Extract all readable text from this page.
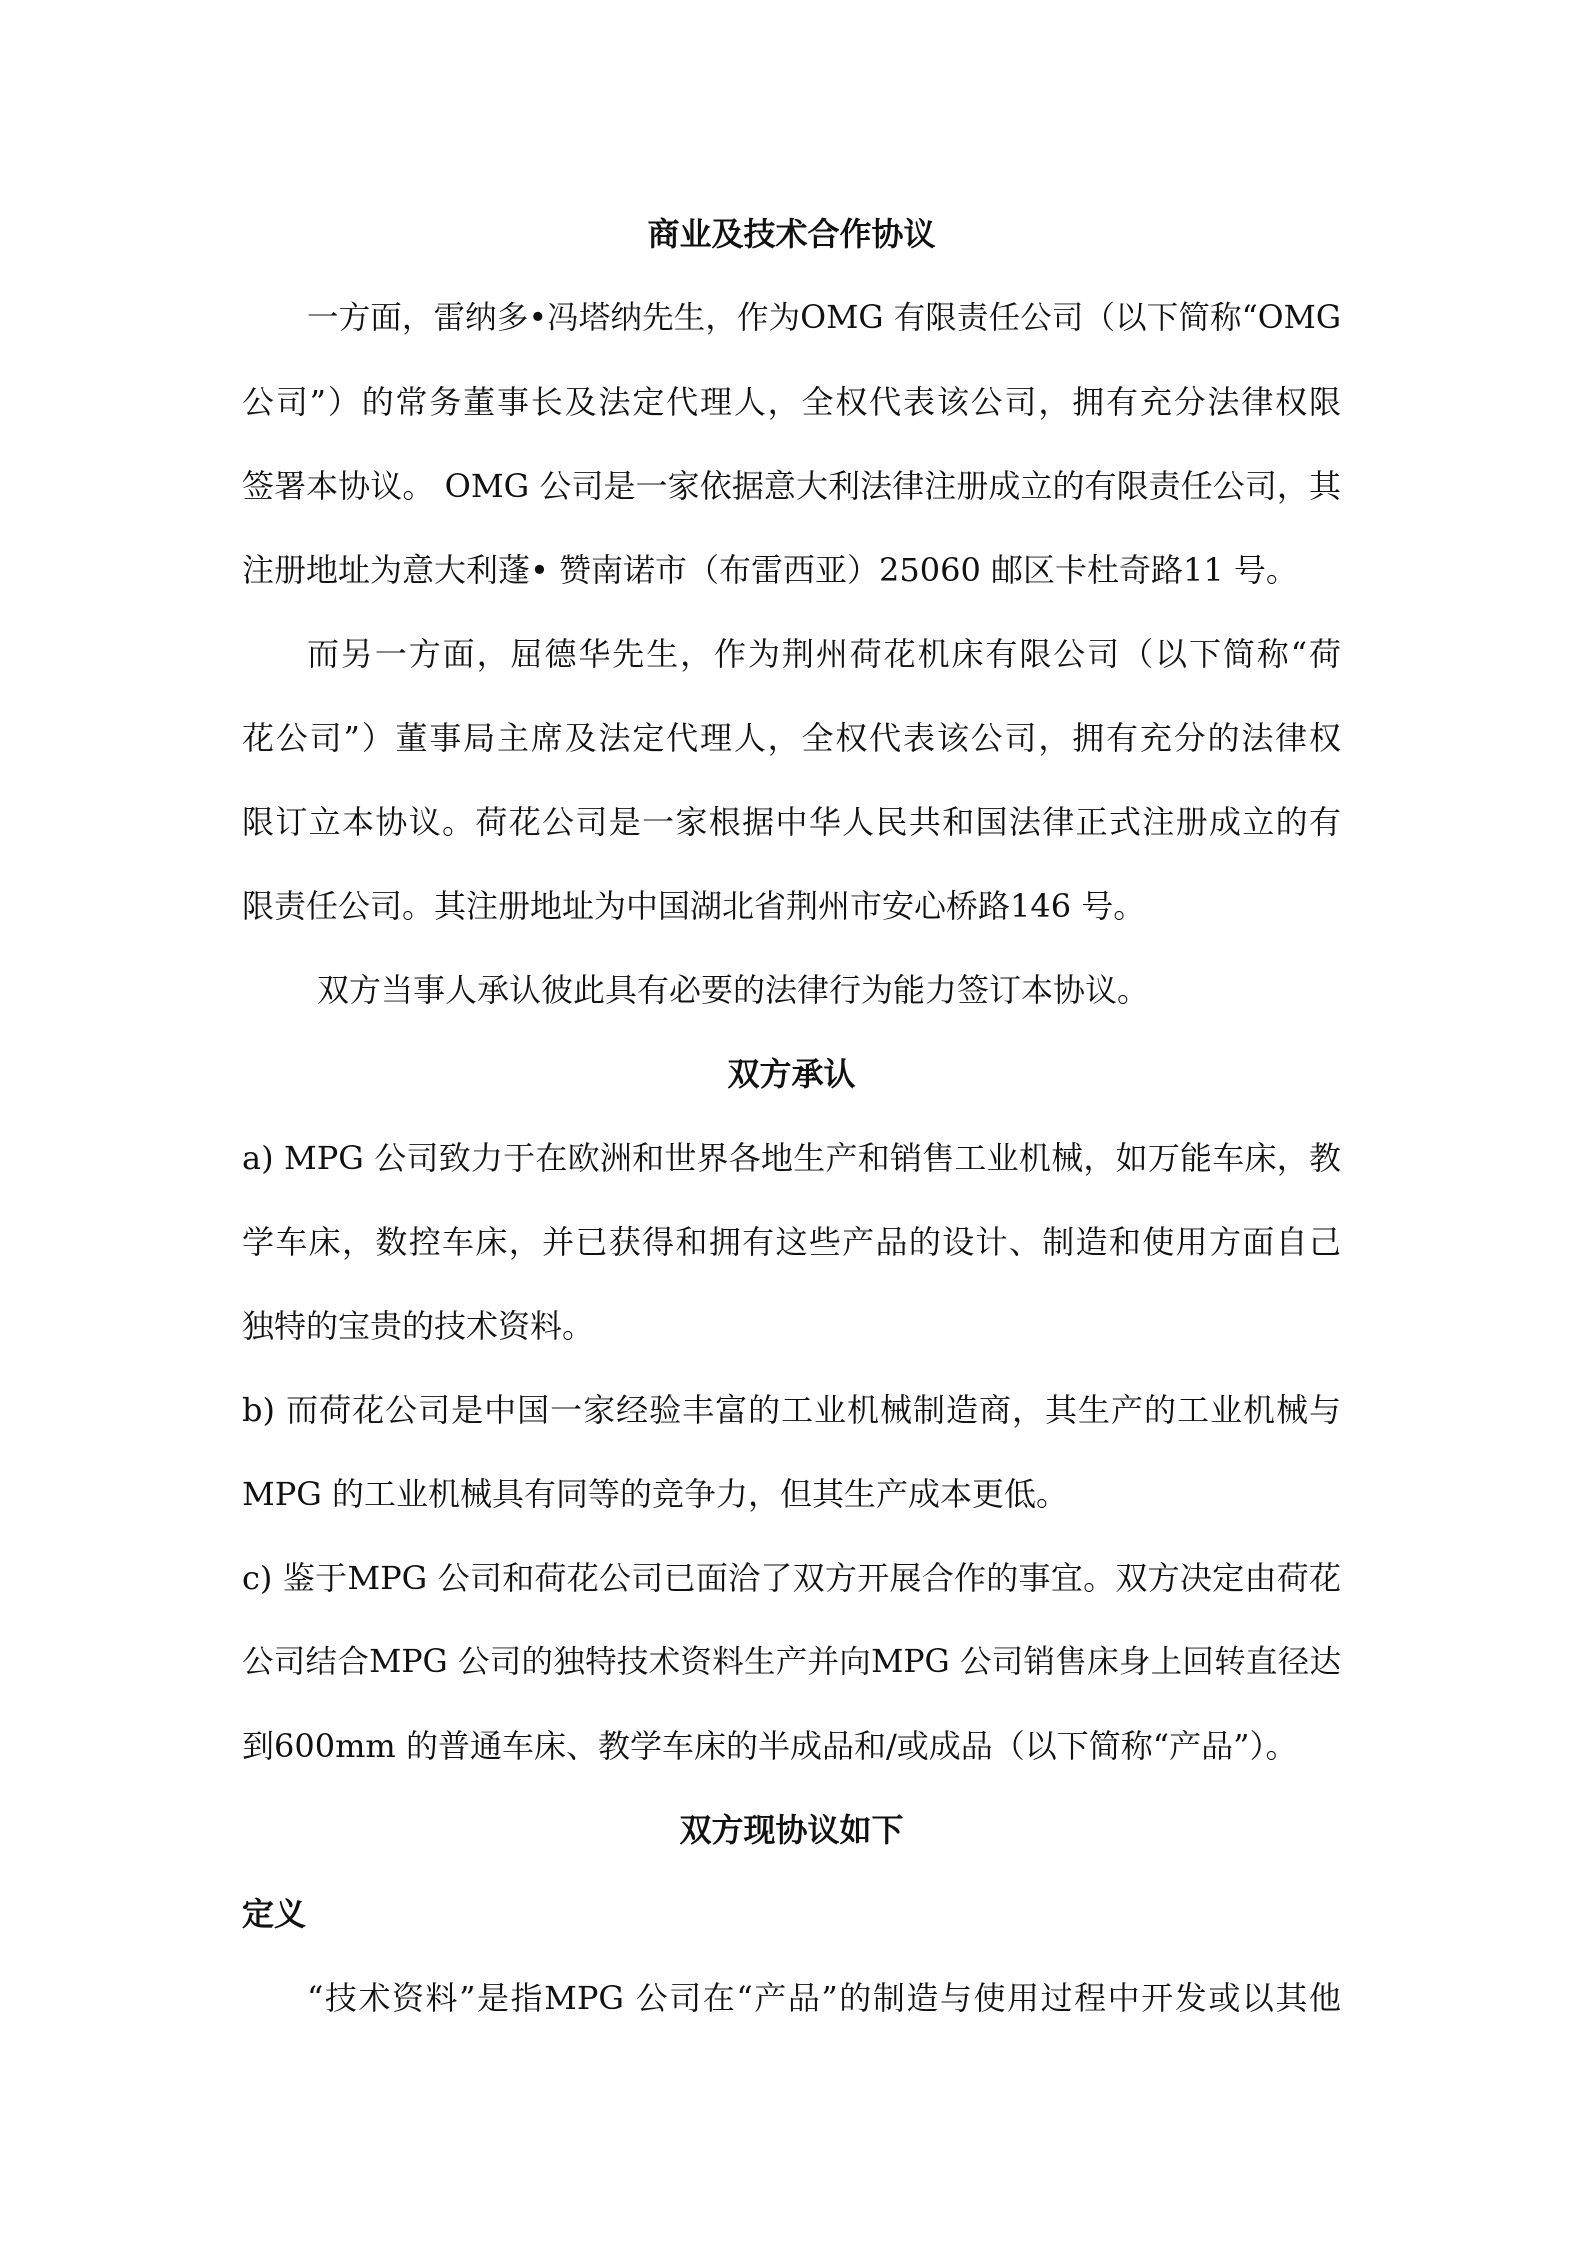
商业及技术合作协议
一方面，雷纳多•冯塔纳先生，作为OMG 有限责任公司（以下简称“OMG
公司”）的常务董事长及法定代理人，全权代表该公司，拥有充分法律权限
签署本协议。 OMG 公司是一家依据意大利法律注册成立的有限责任公司，其
注册地址为意大利蓬• 赞南诺市（布雷西亚）25060 邮区卡杜奇路11 号。
而另一方面，屈德华先生，作为荆州荷花机床有限公司（以下简称“荷
花公司”）董事局主席及法定代理人，全权代表该公司，拥有充分的法律权
限订立本协议。荷花公司是一家根据中华人民共和国法律正式注册成立的有
限责任公司。其注册地址为中国湖北省荆州市安心桥路146 号。
双方当事人承认彼此具有必要的法律行为能力签订本协议。
双方承认
a) MPG 公司致力于在欧洲和世界各地生产和销售工业机械，如万能车床，教
学车床，数控车床，并已获得和拥有这些产品的设计、制造和使用方面自己
独特的宝贵的技术资料。
b) 而荷花公司是中国一家经验丰富的工业机械制造商，其生产的工业机械与
MPG 的工业机械具有同等的竞争力，但其生产成本更低。
c) 鉴于MPG 公司和荷花公司已面洽了双方开展合作的事宜。双方决定由荷花
公司结合MPG 公司的独特技术资料生产并向MPG 公司销售床身上回转直径达
到600mm 的普通车床、教学车床的半成品和/或成品（以下简称“产品”）。
双方现协议如下
定义
“技术资料”是指MPG 公司在“产品”的制造与使用过程中开发或以其他
